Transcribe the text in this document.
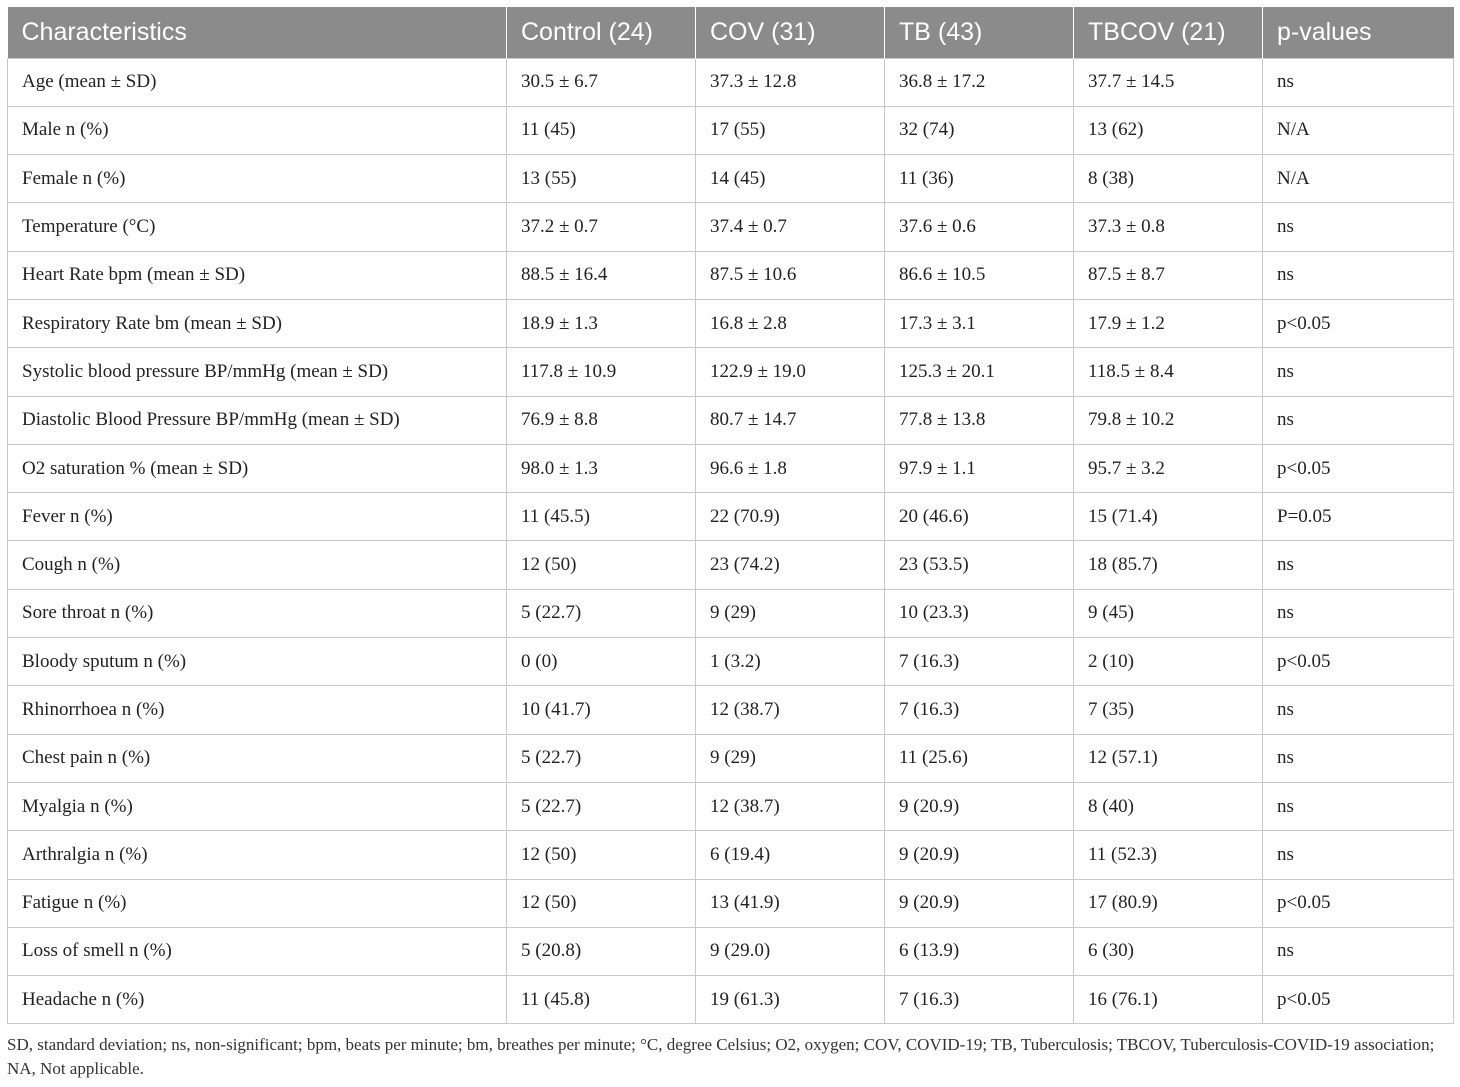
Characteristics	Control (24)	COV (31)	TB (43)	TBCOV (21)	p-values
Age (mean ± SD)	30.5 ± 6.7	37.3 ± 12.8	36.8 ± 17.2	37.7 ± 14.5	ns
Male n (%)	11 (45)	17 (55)	32 (74)	13 (62)	N/A
Female n (%)	13 (55)	14 (45)	11 (36)	8 (38)	N/A
Temperature (°C)	37.2 ± 0.7	37.4 ± 0.7	37.6 ± 0.6	37.3 ± 0.8	ns
Heart Rate bpm (mean ± SD)	88.5 ± 16.4	87.5 ± 10.6	86.6 ± 10.5	87.5 ± 8.7	ns
Respiratory Rate bm (mean ± SD)	18.9 ± 1.3	16.8 ± 2.8	17.3 ± 3.1	17.9 ± 1.2	p<0.05
Systolic blood pressure BP/mmHg (mean ± SD)	117.8 ± 10.9	122.9 ± 19.0	125.3 ± 20.1	118.5 ± 8.4	ns
Diastolic Blood Pressure BP/mmHg (mean ± SD)	76.9 ± 8.8	80.7 ± 14.7	77.8 ± 13.8	79.8 ± 10.2	ns
O2 saturation % (mean ± SD)	98.0 ± 1.3	96.6 ± 1.8	97.9 ± 1.1	95.7 ± 3.2	p<0.05
Fever n (%)	11 (45.5)	22 (70.9)	20 (46.6)	15 (71.4)	P=0.05
Cough n (%)	12 (50)	23 (74.2)	23 (53.5)	18 (85.7)	ns
Sore throat n (%)	5 (22.7)	9 (29)	10 (23.3)	9 (45)	ns
Bloody sputum n (%)	0 (0)	1 (3.2)	7 (16.3)	2 (10)	p<0.05
Rhinorrhoea n (%)	10 (41.7)	12 (38.7)	7 (16.3)	7 (35)	ns
Chest pain n (%)	5 (22.7)	9 (29)	11 (25.6)	12 (57.1)	ns
Myalgia n (%)	5 (22.7)	12 (38.7)	9 (20.9)	8 (40)	ns
Arthralgia n (%)	12 (50)	6 (19.4)	9 (20.9)	11 (52.3)	ns
Fatigue n (%)	12 (50)	13 (41.9)	9 (20.9)	17 (80.9)	p<0.05
Loss of smell n (%)	5 (20.8)	9 (29.0)	6 (13.9)	6 (30)	ns
Headache n (%)	11 (45.8)	19 (61.3)	7 (16.3)	16 (76.1)	p<0.05
SD, standard deviation; ns, non-significant; bpm, beats per minute; bm, breathes per minute; °C, degree Celsius; O2, oxygen; COV, COVID-19; TB, Tuberculosis; TBCOV, Tuberculosis-COVID-19 association; NA, Not applicable.
